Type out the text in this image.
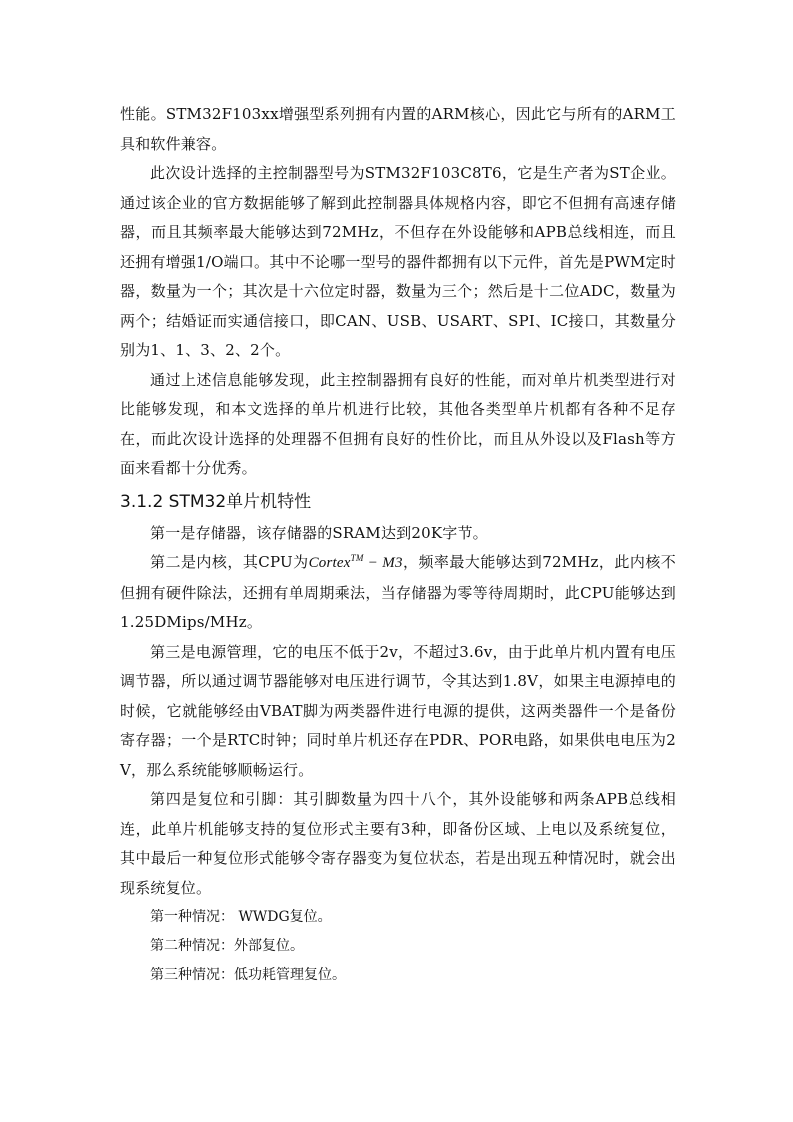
性能。STM32F103xx增强型系列拥有内置的ARM核心，因此它与所有的ARM工具和软件兼容。

此次设计选择的主控制器型号为STM32F103C8T6，它是生产者为ST企业。通过该企业的官方数据能够了解到此控制器具体规格内容，即它不但拥有高速存储器，而且其频率最大能够达到72MHz，不但存在外设能够和APB总线相连，而且还拥有增强1/O端口。其中不论哪一型号的器件都拥有以下元件，首先是PWM定时器，数量为一个；其次是十六位定时器，数量为三个；然后是十二位ADC，数量为两个；结婚证而实通信接口，即CAN、USB、USART、SPI、IC接口，其数量分别为1、1、3、2、2个。

通过上述信息能够发现，此主控制器拥有良好的性能，而对单片机类型进行对比能够发现，和本文选择的单片机进行比较，其他各类型单片机都有各种不足存在，而此次设计选择的处理器不但拥有良好的性价比，而且从外设以及Flash等方面来看都十分优秀。

3.1.2 STM32单片机特性

第一是存储器，该存储器的SRAM达到20K字节。

第二是内核，其CPU为Cortex™ − M3，频率最大能够达到72MHz，此内核不但拥有硬件除法，还拥有单周期乘法，当存储器为零等待周期时，此CPU能够达到1.25DMips/MHz。

第三是电源管理，它的电压不低于2v，不超过3.6v，由于此单片机内置有电压调节器，所以通过调节器能够对电压进行调节，令其达到1.8V，如果主电源掉电的时候，它就能够经由VBAT脚为两类器件进行电源的提供，这两类器件一个是备份寄存器；一个是RTC时钟；同时单片机还存在PDR、POR电路，如果供电电压为2V，那么系统能够顺畅运行。

第四是复位和引脚：其引脚数量为四十八个，其外设能够和两条APB总线相连，此单片机能够支持的复位形式主要有3种，即备份区域、上电以及系统复位，其中最后一种复位形式能够令寄存器变为复位状态，若是出现五种情况时，就会出现系统复位。

第一种情况： WWDG复位。
第二种情况：外部复位。
第三种情况：低功耗管理复位。
